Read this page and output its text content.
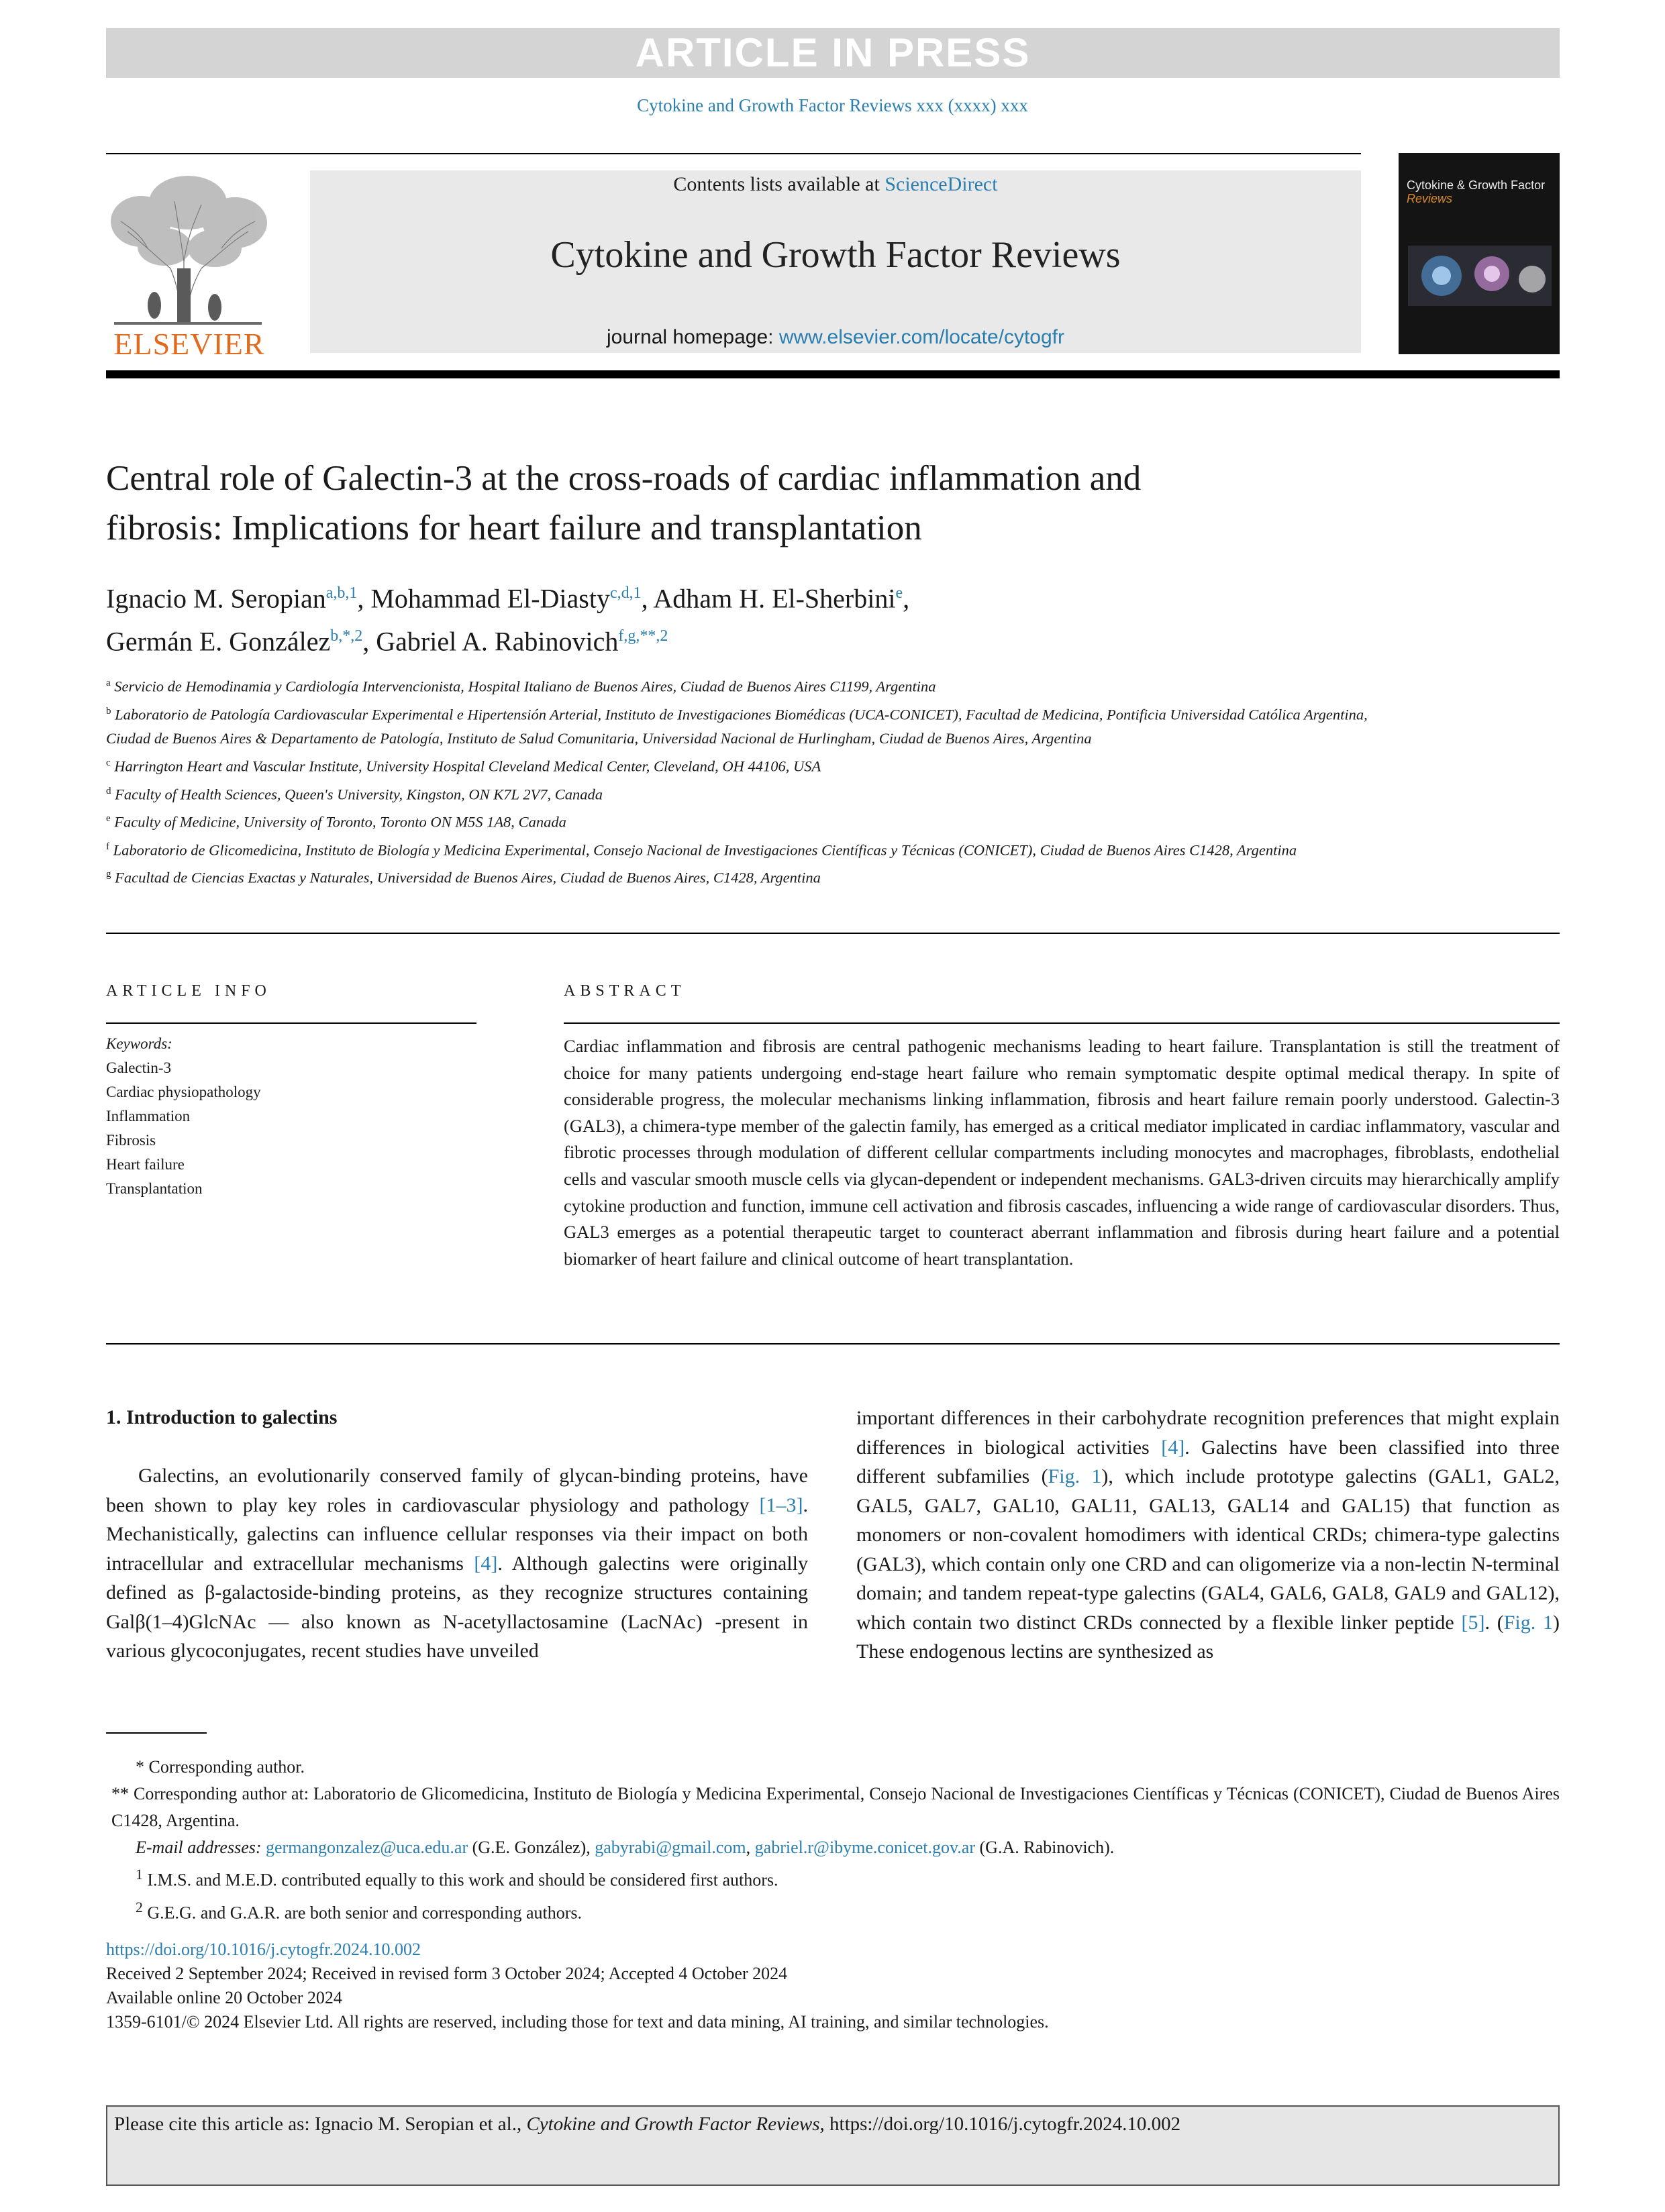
ARTICLE IN PRESS
Cytokine and Growth Factor Reviews xxx (xxxx) xxx
ELSEVIER
Contents lists available at ScienceDirect
Cytokine and Growth Factor Reviews
journal homepage: www.elsevier.com/locate/cytogfr
Cytokine & Growth Factor
Reviews
Central role of Galectin-3 at the cross-roads of cardiac inflammation and
fibrosis: Implications for heart failure and transplantation
Ignacio M. Seropian$^{a,b,1}$, Mohammad El-Diasty$^{c,d,1}$, Adham H. El-Sherbini$^e$,
Germán E. González$^{b,*,2}$, Gabriel A. Rabinovich$^{f,g,**,2}$
$^a$ Servicio de Hemodinamia y Cardiología Intervencionista, Hospital Italiano de Buenos Aires, Ciudad de Buenos Aires C1199, Argentina
$^b$ Laboratorio de Patología Cardiovascular Experimental e Hipertensión Arterial, Instituto de Investigaciones Biomédicas (UCA-CONICET), Facultad de Medicina, Pontificia Universidad Católica Argentina, Ciudad de Buenos Aires & Departamento de Patología, Instituto de Salud Comunitaria, Universidad Nacional de Hurlingham, Ciudad de Buenos Aires, Argentina
$^c$ Harrington Heart and Vascular Institute, University Hospital Cleveland Medical Center, Cleveland, OH 44106, USA
$^d$ Faculty of Health Sciences, Queen's University, Kingston, ON K7L 2V7, Canada
$^e$ Faculty of Medicine, University of Toronto, Toronto ON M5S 1A8, Canada
$^f$ Laboratorio de Glicomedicina, Instituto de Biología y Medicina Experimental, Consejo Nacional de Investigaciones Científicas y Técnicas (CONICET), Ciudad de Buenos Aires C1428, Argentina
$^g$ Facultad de Ciencias Exactas y Naturales, Universidad de Buenos Aires, Ciudad de Buenos Aires, C1428, Argentina
ARTICLE INFO
Keywords:
Galectin-3
Cardiac physiopathology
Inflammation
Fibrosis
Heart failure
Transplantation
ABSTRACT
Cardiac inflammation and fibrosis are central pathogenic mechanisms leading to heart failure. Transplantation is still the treatment of choice for many patients undergoing end-stage heart failure who remain symptomatic despite optimal medical therapy. In spite of considerable progress, the molecular mechanisms linking inflammation, fibrosis and heart failure remain poorly understood. Galectin-3 (GAL3), a chimera-type member of the galectin family, has emerged as a critical mediator implicated in cardiac inflammatory, vascular and fibrotic processes through modulation of different cellular compartments including monocytes and macrophages, fibroblasts, endothelial cells and vascular smooth muscle cells via glycan-dependent or independent mechanisms. GAL3-driven circuits may hierarchically amplify cytokine production and function, immune cell activation and fibrosis cascades, influencing a wide range of cardiovascular disorders. Thus, GAL3 emerges as a potential therapeutic target to counteract aberrant inflammation and fibrosis during heart failure and a potential biomarker of heart failure and clinical outcome of heart transplantation.
1. Introduction to galectins
Galectins, an evolutionarily conserved family of glycan-binding proteins, have been shown to play key roles in cardiovascular physiology and pathology [1–3]. Mechanistically, galectins can influence cellular responses via their impact on both intracellular and extracellular mechanisms [4]. Although galectins were originally defined as β-galactoside-binding proteins, as they recognize structures containing Galβ(1–4)GlcNAc — also known as N-acetyllactosamine (LacNAc) -present in various glycoconjugates, recent studies have unveiled
important differences in their carbohydrate recognition preferences that might explain differences in biological activities [4]. Galectins have been classified into three different subfamilies (Fig. 1), which include prototype galectins (GAL1, GAL2, GAL5, GAL7, GAL10, GAL11, GAL13, GAL14 and GAL15) that function as monomers or non-covalent homodimers with identical CRDs; chimera-type galectins (GAL3), which contain only one CRD and can oligomerize via a non-lectin N-terminal domain; and tandem repeat-type galectins (GAL4, GAL6, GAL8, GAL9 and GAL12), which contain two distinct CRDs connected by a flexible linker peptide [5]. (Fig. 1) These endogenous lectins are synthesized as
* Corresponding author.
** Corresponding author at: Laboratorio de Glicomedicina, Instituto de Biología y Medicina Experimental, Consejo Nacional de Investigaciones Científicas y Técnicas (CONICET), Ciudad de Buenos Aires C1428, Argentina.
E-mail addresses: germangonzalez@uca.edu.ar (G.E. González), gabyrabi@gmail.com, gabriel.r@ibyme.conicet.gov.ar (G.A. Rabinovich).
$^1$ I.M.S. and M.E.D. contributed equally to this work and should be considered first authors.
$^2$ G.E.G. and G.A.R. are both senior and corresponding authors.
https://doi.org/10.1016/j.cytogfr.2024.10.002
Received 2 September 2024; Received in revised form 3 October 2024; Accepted 4 October 2024
Available online 20 October 2024
1359-6101/© 2024 Elsevier Ltd. All rights are reserved, including those for text and data mining, AI training, and similar technologies.
Please cite this article as: Ignacio M. Seropian et al., Cytokine and Growth Factor Reviews, https://doi.org/10.1016/j.cytogfr.2024.10.002
